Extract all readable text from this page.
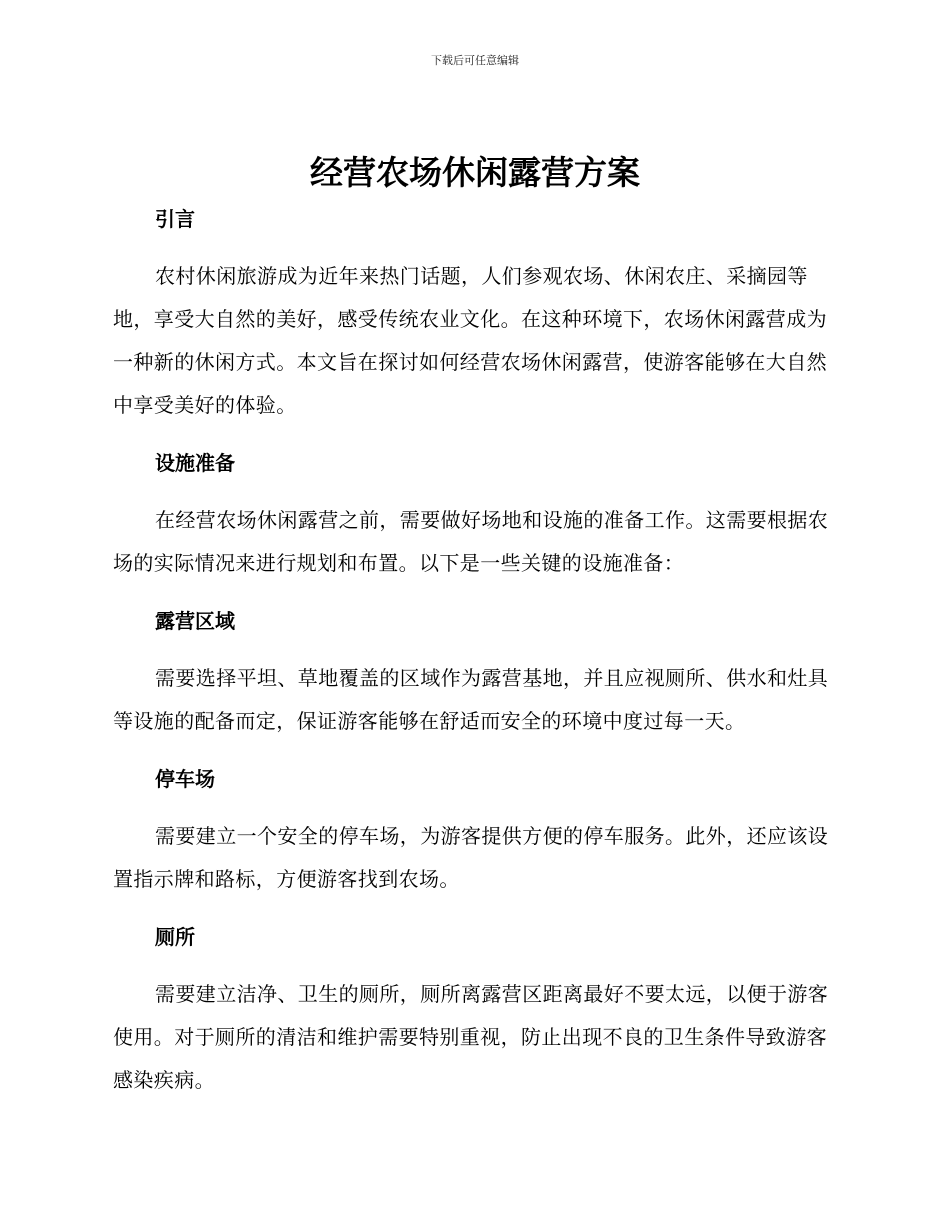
下载后可任意编辑
经营农场休闲露营方案
引言

农村休闲旅游成为近年来热门话题，人们参观农场、休闲农庄、采摘园等地，享受大自然的美好，感受传统农业文化。在这种环境下，农场休闲露营成为一种新的休闲方式。本文旨在探讨如何经营农场休闲露营，使游客能够在大自然中享受美好的体验。

设施准备

在经营农场休闲露营之前，需要做好场地和设施的准备工作。这需要根据农场的实际情况来进行规划和布置。以下是一些关键的设施准备：

露营区域

需要选择平坦、草地覆盖的区域作为露营基地，并且应视厕所、供水和灶具等设施的配备而定，保证游客能够在舒适而安全的环境中度过每一天。

停车场

需要建立一个安全的停车场，为游客提供方便的停车服务。此外，还应该设置指示牌和路标，方便游客找到农场。

厕所

需要建立洁净、卫生的厕所，厕所离露营区距离最好不要太远，以便于游客使用。对于厕所的清洁和维护需要特别重视，防止出现不良的卫生条件导致游客感染疾病。
